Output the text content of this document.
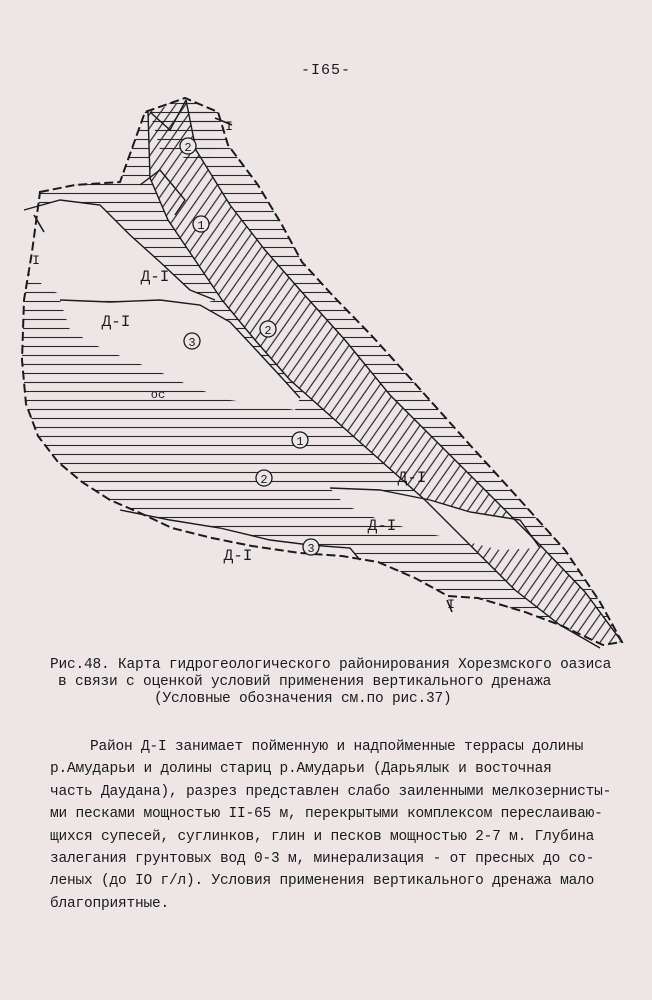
-I65-
2
1
3
2
1
2
3
Д-I
Д-I
Д-I
Д-I
Д-I
ос
I
I
I
Рис.48. Карта гидрогеологического районирования Хорезмского оазиса
в связи с оценкой условий применения вертикального дренажа
(Условные обозначения см.по рис.37)
Район Д-I занимает пойменную и надпойменные террасы долины
р.Амударьи и долины стариц р.Амударьи (Дарьялык и восточная
часть Даудана), разрез представлен слабо заиленными мелкозернисты-
ми песками мощностью II-65 м, перекрытыми комплексом переслаиваю-
щихся супесей, суглинков, глин и песков мощностью 2-7 м. Глубина
залегания грунтовых вод 0-3 м, минерализация - от пресных до со-
леных (до IO г/л). Условия применения вертикального дренажа мало
благоприятные.
